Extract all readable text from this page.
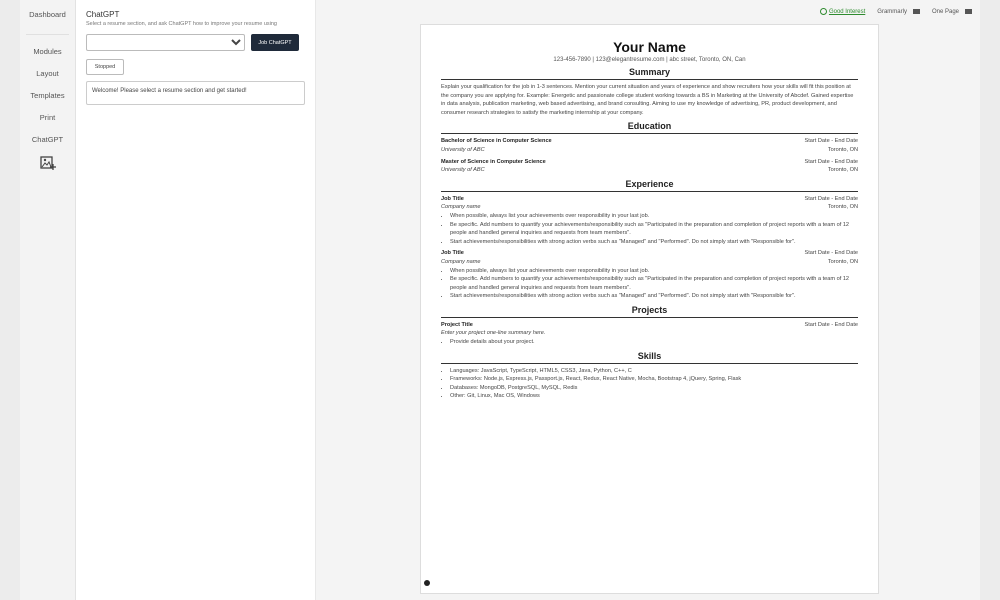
Dashboard
Modules
Layout
Templates
Print
ChatGPT
ChatGPT
Select a resume section, and ask ChatGPT how to improve your resume using
Job ChatGPT
Stopped
Welcome! Please select a resume section and get started!
Good Interest Grammarly	One Page
Your Name
123-456-7890 | 123@elegantresume.com | abc street, Toronto, ON, Can
Summary
Explain your qualification for the job in 1-3 sentences. Mention your current situation and years of experience and show recruiters how your skills will fit this position at the company you are applying for. Example: Energetic and passionate college student working towards a BS in Marketing at the University of Abcdef. Gained expertise in data analysis, publication marketing, web based advertising, and brand consulting. Aiming to use my knowledge of advertising, PR, product development, and consumer research strategies to satisfy the marketing internship at your company.
Education
Bachelor of Science in Computer Science	Start Date - End Date
University of ABC	Toronto, ON
Master of Science in Computer Science	Start Date - End Date
University of ABC	Toronto, ON
Experience
Job Title	Start Date - End Date
Company name	Toronto, ON
• When possible, always list your achievements over responsibility in your last job.
• Be specific. Add numbers to quantify your achievements/responsibility such as "Participated in the preparation and completion of project reports with a team of 12 people and handled general inquiries and requests from team members".
• Start achievements/responsibilities with strong action verbs such as "Managed" and "Performed". Do not simply start with "Responsible for".
Job Title	Start Date - End Date
Company name	Toronto, ON
• When possible, always list your achievements over responsibility in your last job.
• Be specific. Add numbers to quantify your achievements/responsibility such as "Participated in the preparation and completion of project reports with a team of 12 people and handled general inquiries and requests from team members".
• Start achievements/responsibilities with strong action verbs such as "Managed" and "Performed". Do not simply start with "Responsible for".
Projects
Project Title	Start Date - End Date
Enter your project one-line summary here.
• Provide details about your project.
Skills
• Languages: JavaScript, TypeScript, HTML5, CSS3, Java, Python, C++, C
• Frameworks: Node.js, Express.js, Passport.js, React, Redux, React Native, Mocha, Bootstrap 4, jQuery, Spring, Flask
• Databases: MongoDB, PostgreSQL, MySQL, Redis
• Other: Git, Linux, Mac OS, Windows
